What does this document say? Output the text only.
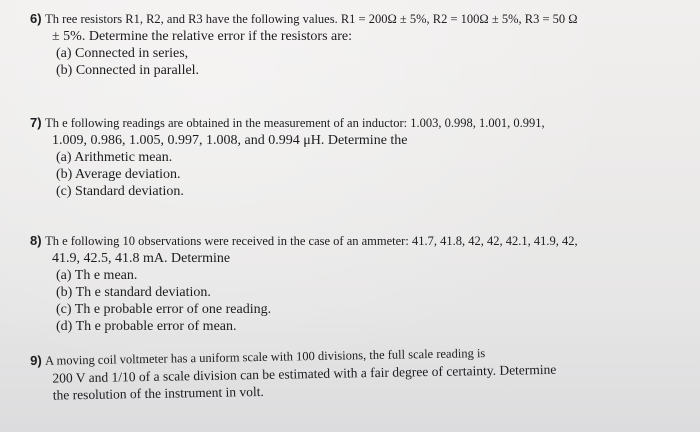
6) Th ree resistors R1, R2, and R3 have the following values. R1 = 200Ω ± 5%, R2 = 100Ω ± 5%, R3 = 50 Ω
± 5%. Determine the relative error if the resistors are:
(a) Connected in series,
(b) Connected in parallel.
7) Th e following readings are obtained in the measurement of an inductor: 1.003, 0.998, 1.001, 0.991,
1.009, 0.986, 1.005, 0.997, 1.008, and 0.994 μH. Determine the
(a) Arithmetic mean.
(b) Average deviation.
(c) Standard deviation.
8) Th e following 10 observations were received in the case of an ammeter: 41.7, 41.8, 42, 42, 42.1, 41.9, 42,
41.9, 42.5, 41.8 mA. Determine
(a) Th e mean.
(b) Th e standard deviation.
(c) Th e probable error of one reading.
(d) Th e probable error of mean.
9) A moving coil voltmeter has a uniform scale with 100 divisions, the full scale reading is
200 V and 1/10 of a scale division can be estimated with a fair degree of certainty. Determine
the resolution of the instrument in volt.
